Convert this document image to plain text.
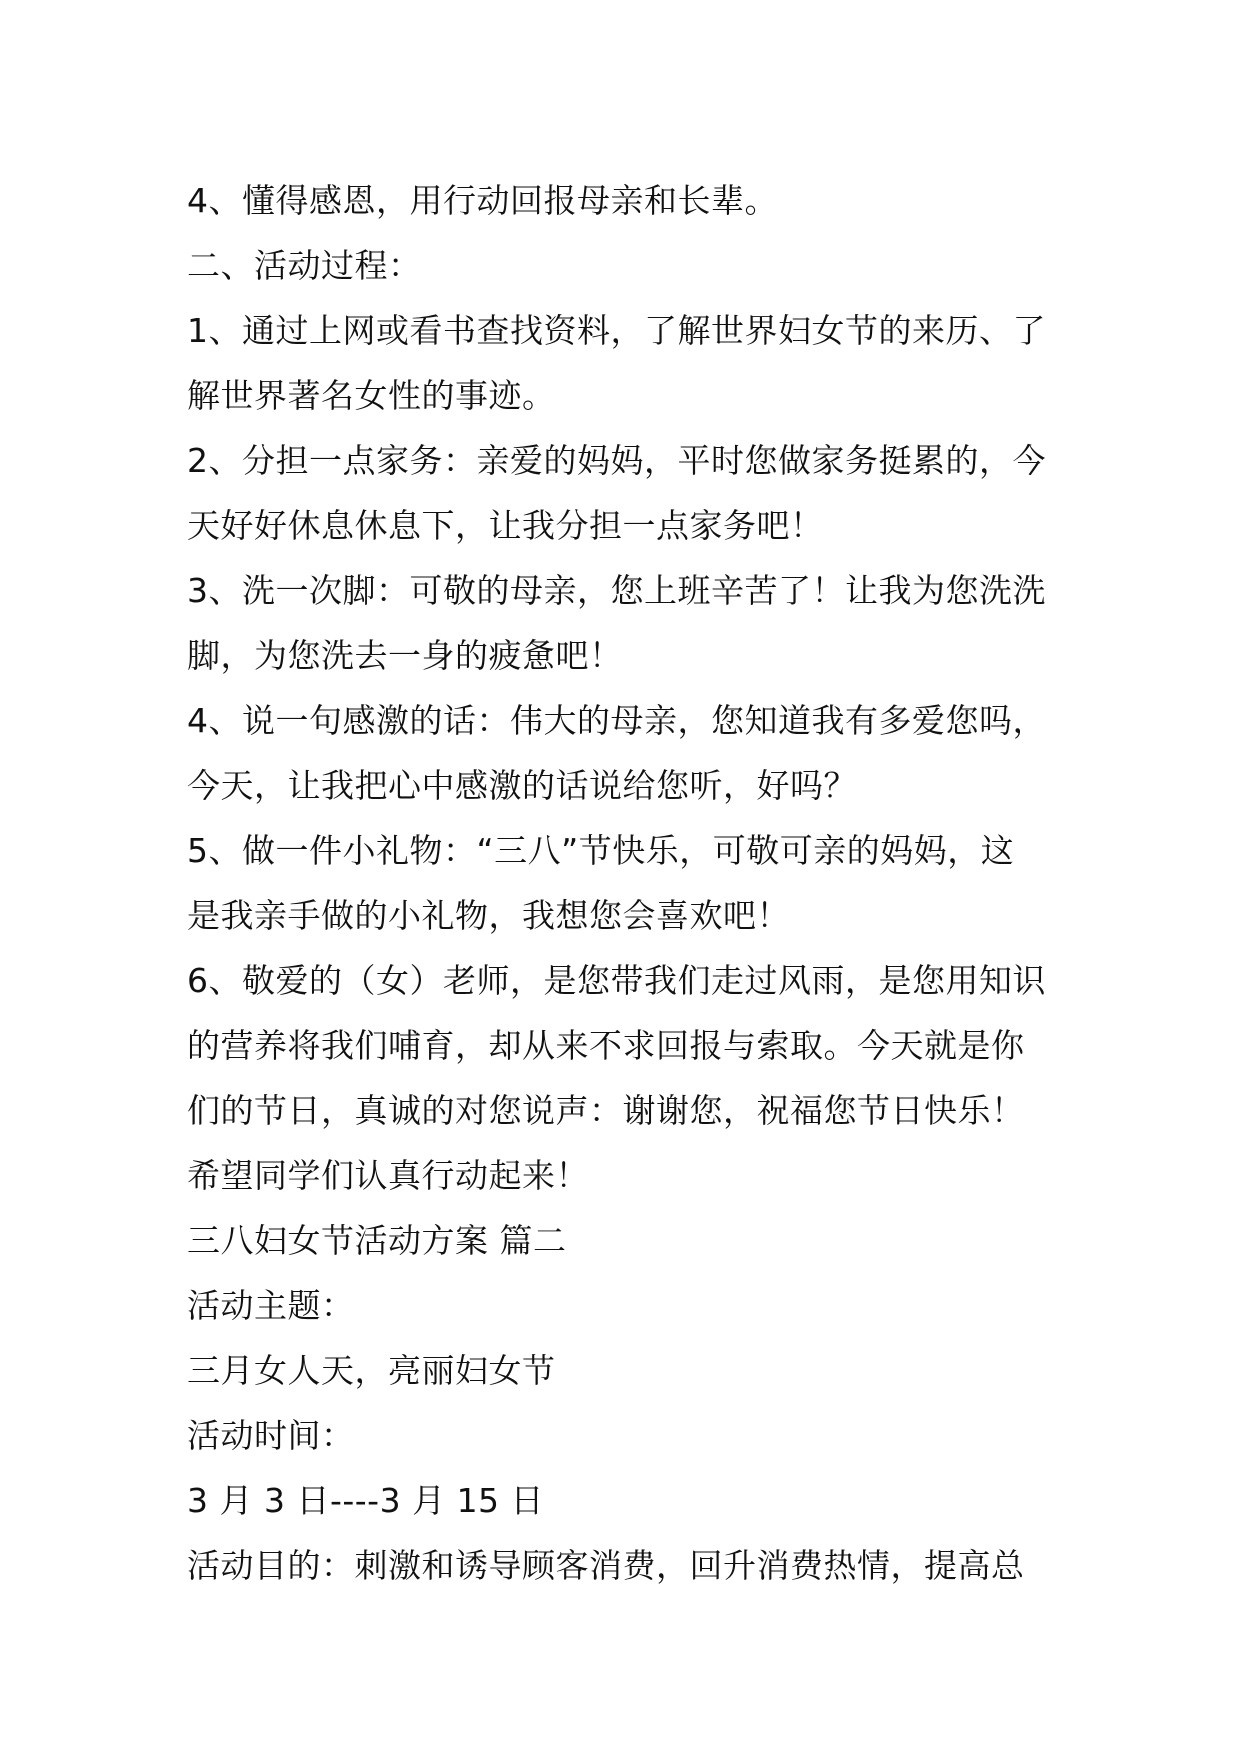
4、懂得感恩，用行动回报母亲和长辈。
二、活动过程：
1、通过上网或看书查找资料，了解世界妇女节的来历、了
解世界著名女性的事迹。
2、分担一点家务：亲爱的妈妈，平时您做家务挺累的，今
天好好休息休息下，让我分担一点家务吧！
3、洗一次脚：可敬的母亲，您上班辛苦了！让我为您洗洗
脚，为您洗去一身的疲惫吧！
4、说一句感激的话：伟大的母亲，您知道我有多爱您吗，
今天，让我把心中感激的话说给您听，好吗？
5、做一件小礼物：“三八”节快乐，可敬可亲的妈妈，这
是我亲手做的小礼物，我想您会喜欢吧！
6、敬爱的（女）老师，是您带我们走过风雨，是您用知识
的营养将我们哺育，却从来不求回报与索取。今天就是你
们的节日，真诚的对您说声：谢谢您，祝福您节日快乐！
希望同学们认真行动起来！
三八妇女节活动方案 篇二
活动主题：
三月女人天，亮丽妇女节
活动时间：
3 月 3 日----3 月 15 日
活动目的：刺激和诱导顾客消费，回升消费热情，提高总
